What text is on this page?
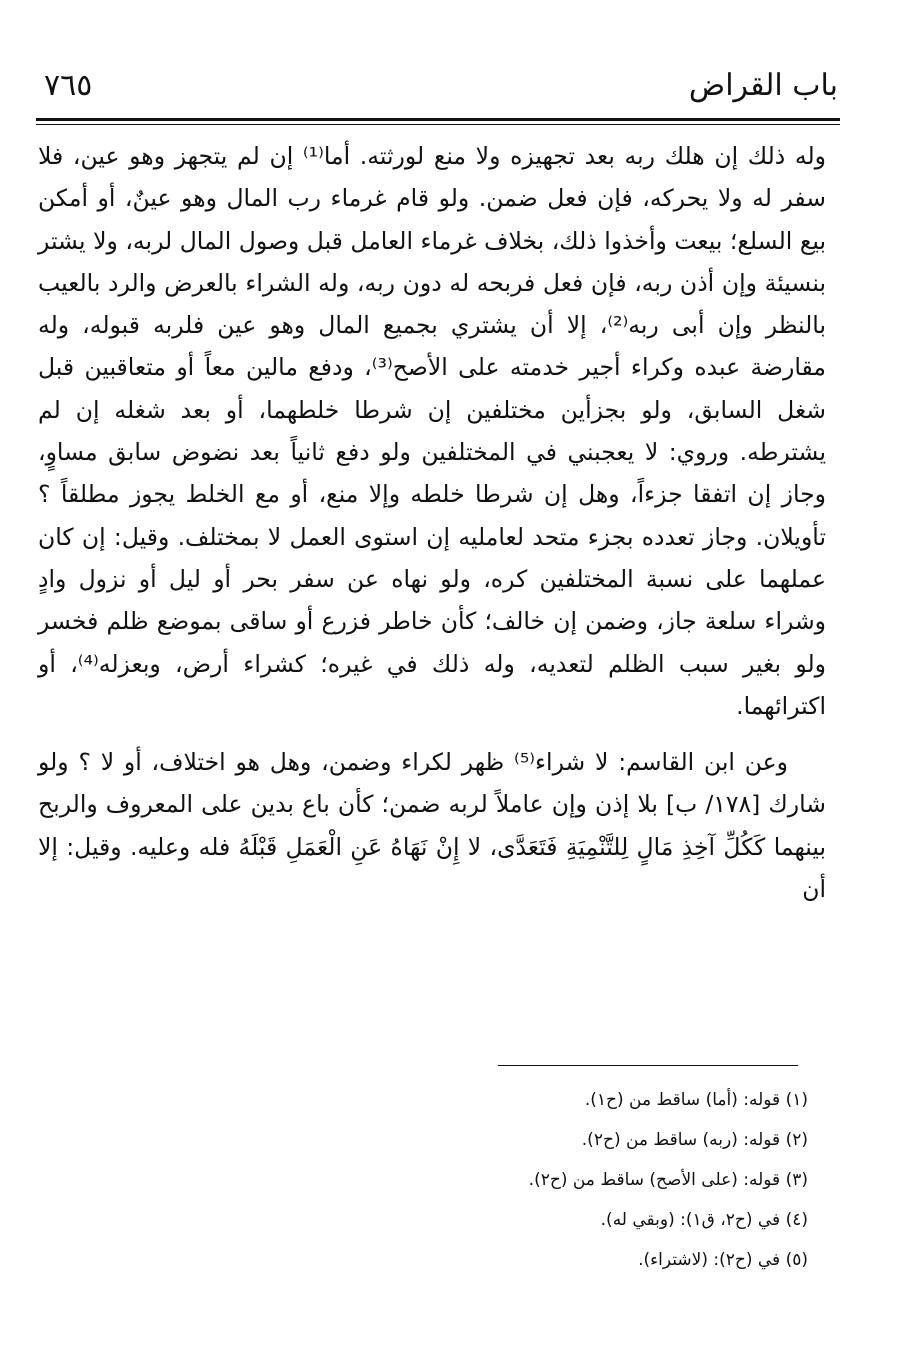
باب القراض
٧٦٥

وله ذلك إن هلك ربه بعد تجهيزه ولا منع لورثته. أما⁽¹⁾ إن لم يتجهز وهو عين، فلا سفر له ولا يحركه، فإن فعل ضمن. ولو قام غرماء رب المال وهو عينٌ، أو أمكن بيع السلع؛ بيعت وأخذوا ذلك، بخلاف غرماء العامل قبل وصول المال لربه، ولا يشتر بنسيئة وإن أذن ربه، فإن فعل فربحه له دون ربه، وله الشراء بالعرض والرد بالعيب بالنظر وإن أبى ربه⁽²⁾، إلا أن يشتري بجميع المال وهو عين فلربه قبوله، وله مقارضة عبده وكراء أجير خدمته على الأصح⁽³⁾، ودفع مالين معاً أو متعاقبين قبل شغل السابق، ولو بجزأين مختلفين إن شرطا خلطهما، أو بعد شغله إن لم يشترطه. وروي: لا يعجبني في المختلفين ولو دفع ثانياً بعد نضوض سابق مساوٍ، وجاز إن اتفقا جزءاً، وهل إن شرطا خلطه وإلا منع، أو مع الخلط يجوز مطلقاً ؟ تأويلان. وجاز تعدده بجزء متحد لعامليه إن استوى العمل لا بمختلف. وقيل: إن كان عملهما على نسبة المختلفين كره، ولو نهاه عن سفر بحر أو ليل أو نزول وادٍ وشراء سلعة جاز، وضمن إن خالف؛ كأن خاطر فزرع أو ساقى بموضع ظلم فخسر ولو بغير سبب الظلم لتعديه، وله ذلك في غيره؛ كشراء أرض، وبعزله⁽⁴⁾، أو اكترائهما.

وعن ابن القاسم: لا شراء⁽⁵⁾ ظهر لكراء وضمن، وهل هو اختلاف، أو لا ؟ ولو شارك [١٧٨/ ب] بلا إذن وإن عاملاً لربه ضمن؛ كأن باع بدين على المعروف والربح بينهما كَكُلِّ آخِذِ مَالٍ لِلتَّنْمِيَةِ فَتَعَدَّى، لا إِنْ نَهَاهُ عَنِ الْعَمَلِ قَبْلَهُ فله وعليه. وقيل: إلا أن

(١) قوله: (أما) ساقط من (ح١).
(٢) قوله: (ربه) ساقط من (ح٢).
(٣) قوله: (على الأصح) ساقط من (ح٢).
(٤) في (ح٢، ق١): (وبقي له).
(٥) في (ح٢): (لاشتراء).
